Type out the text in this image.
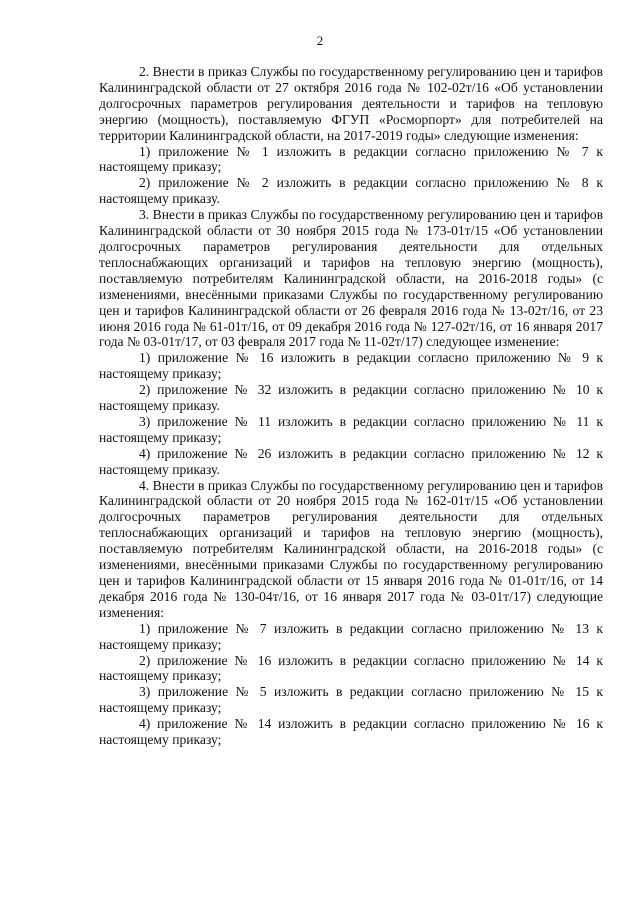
2

2. Внести в приказ Службы по государственному регулированию цен и тарифов Калининградской области от 27 октября 2016 года № 102-02т/16 «Об установлении долгосрочных параметров регулирования деятельности и тарифов на тепловую энергию (мощность), поставляемую ФГУП «Росморпорт» для потребителей на территории Калининградской области, на 2017-2019 годы» следующие изменения:

1) приложение № 1 изложить в редакции согласно приложению № 7 к настоящему приказу;

2) приложение № 2 изложить в редакции согласно приложению № 8 к настоящему приказу.

3. Внести в приказ Службы по государственному регулированию цен и тарифов Калининградской области от 30 ноября 2015 года № 173-01т/15 «Об установлении долгосрочных параметров регулирования деятельности для отдельных теплоснабжающих организаций и тарифов на тепловую энергию (мощность), поставляемую потребителям Калининградской области, на 2016-2018 годы» (с изменениями, внесёнными приказами Службы по государственному регулированию цен и тарифов Калининградской области от 26 февраля 2016 года № 13-02т/16, от 23 июня 2016 года № 61-01т/16, от 09 декабря 2016 года № 127-02т/16, от 16 января 2017 года № 03-01т/17, от 03 февраля 2017 года № 11-02т/17) следующее изменение:

1) приложение № 16 изложить в редакции согласно приложению № 9 к настоящему приказу;

2) приложение № 32 изложить в редакции согласно приложению № 10 к настоящему приказу.

3) приложение № 11 изложить в редакции согласно приложению № 11 к настоящему приказу;

4) приложение № 26 изложить в редакции согласно приложению № 12 к настоящему приказу.

4. Внести в приказ Службы по государственному регулированию цен и тарифов Калининградской области от 20 ноября 2015 года № 162-01т/15 «Об установлении долгосрочных параметров регулирования деятельности для отдельных теплоснабжающих организаций и тарифов на тепловую энергию (мощность), поставляемую потребителям Калининградской области, на 2016-2018 годы» (с изменениями, внесёнными приказами Службы по государственному регулированию цен и тарифов Калининградской области от 15 января 2016 года № 01-01т/16, от 14 декабря 2016 года № 130-04т/16, от 16 января 2017 года № 03-01т/17) следующие изменения:

1) приложение № 7 изложить в редакции согласно приложению № 13 к настоящему приказу;

2) приложение № 16 изложить в редакции согласно приложению № 14 к настоящему приказу;

3) приложение № 5 изложить в редакции согласно приложению № 15 к настоящему приказу;

4) приложение № 14 изложить в редакции согласно приложению № 16 к настоящему приказу;
